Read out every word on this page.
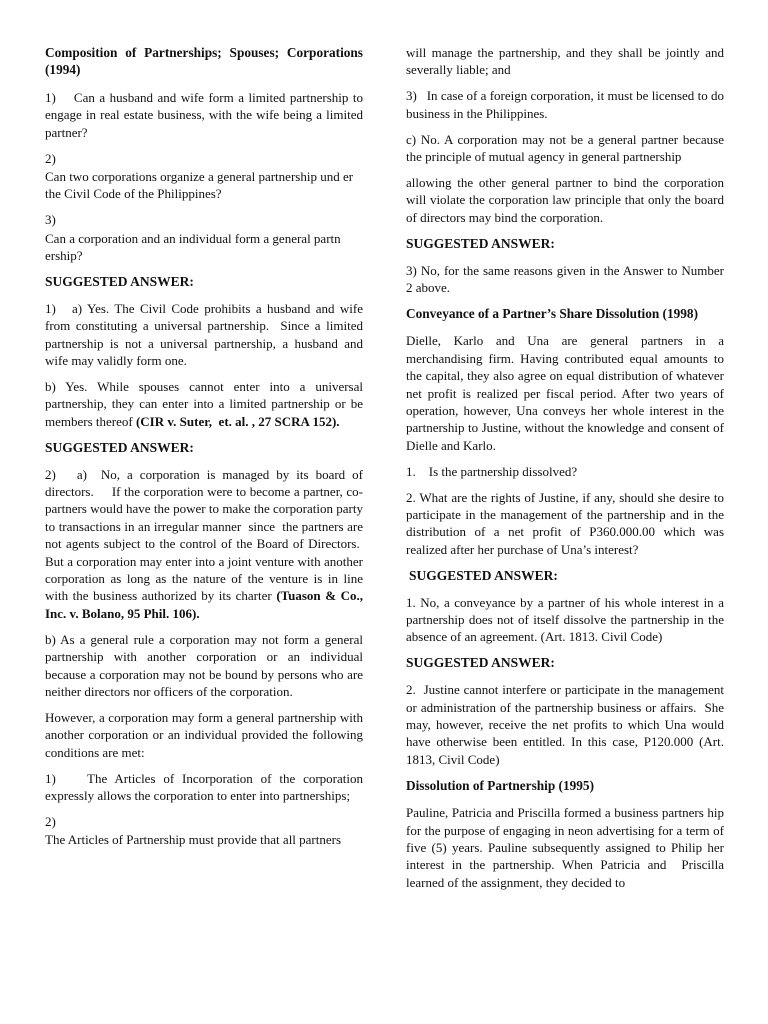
Composition of Partnerships; Spouses; Corporations (1994)

1)    Can a husband and wife form a limited partnership to engage in real estate business, with the wife being a limited partner?

2)

Can two corporations organize a general partnership und er the Civil Code of the Philippines?

3)

Can a corporation and an individual form a general partn ership?

SUGGESTED ANSWER:

1)   a) Yes. The Civil Code prohibits a husband and wife from constituting a universal partnership.  Since a limited partnership is not a universal partnership, a husband and wife may validly form one.

b) Yes. While spouses cannot enter into a universal partnership, they can enter into a limited partnership or be members thereof (CIR v. Suter,  et. al. , 27 SCRA 152).

SUGGESTED ANSWER:

2)   a)  No, a corporation is managed by its board of directors.     If the corporation were to become a partner, co-partners would have the power to make the corporation party to transactions in an irregular manner  since  the partners are not agents subject to the control of the Board of Directors.  But a corporation may enter into a joint venture with another corporation as long as the nature of the venture is in line with the business authorized by its charter (Tuason & Co., Inc. v. Bolano, 95 Phil. 106).

b) As a general rule a corporation may not form a general partnership with another corporation or an individual because a corporation may not be bound by persons who are neither directors nor officers of the corporation.

However, a corporation may form a general partnership with another corporation or an individual provided the following conditions are met:

1)    The Articles of Incorporation of the corporation expressly allows the corporation to enter into partnerships;

2)

The Articles of Partnership must provide that all partners

will manage the partnership, and they shall be jointly and severally liable; and

3)   In case of a foreign corporation, it must be licensed to do business in the Philippines.

c) No. A corporation may not be a general partner because the principle of mutual agency in general partnership

allowing the other general partner to bind the corporation will violate the corporation law principle that only the board of directors may bind the corporation.

SUGGESTED ANSWER:

3) No, for the same reasons given in the Answer to Number 2 above.

Conveyance of a Partner’s Share Dissolution (1998)

Dielle, Karlo and Una are general partners in a merchandising firm. Having contributed equal amounts to the capital, they also agree on equal distribution of whatever net profit is realized per fiscal period. After two years of operation, however, Una conveys her whole interest in the partnership to Justine, without the knowledge and consent of Dielle and Karlo.

1.    Is the partnership dissolved?

2. What are the rights of Justine, if any, should she desire to participate in the management of the partnership and in the distribution of a net profit of P360.000.00 which was realized after her purchase of Una’s interest?

SUGGESTED ANSWER:

1. No, a conveyance by a partner of his whole interest in a partnership does not of itself dissolve the partnership in the absence of an agreement. (Art. 1813. Civil Code)

SUGGESTED ANSWER:

2.  Justine cannot interfere or participate in the management or administration of the partnership business or affairs.  She may, however, receive the net profits to which Una would have otherwise been entitled. In this case, P120.000 (Art. 1813, Civil Code)

Dissolution of Partnership (1995)

Pauline, Patricia and Priscilla formed a business partners hip for the purpose of engaging in neon advertising for a term of five (5) years. Pauline subsequently assigned to Philip her interest in the partnership. When Patricia and  Priscilla learned of the assignment, they decided to
